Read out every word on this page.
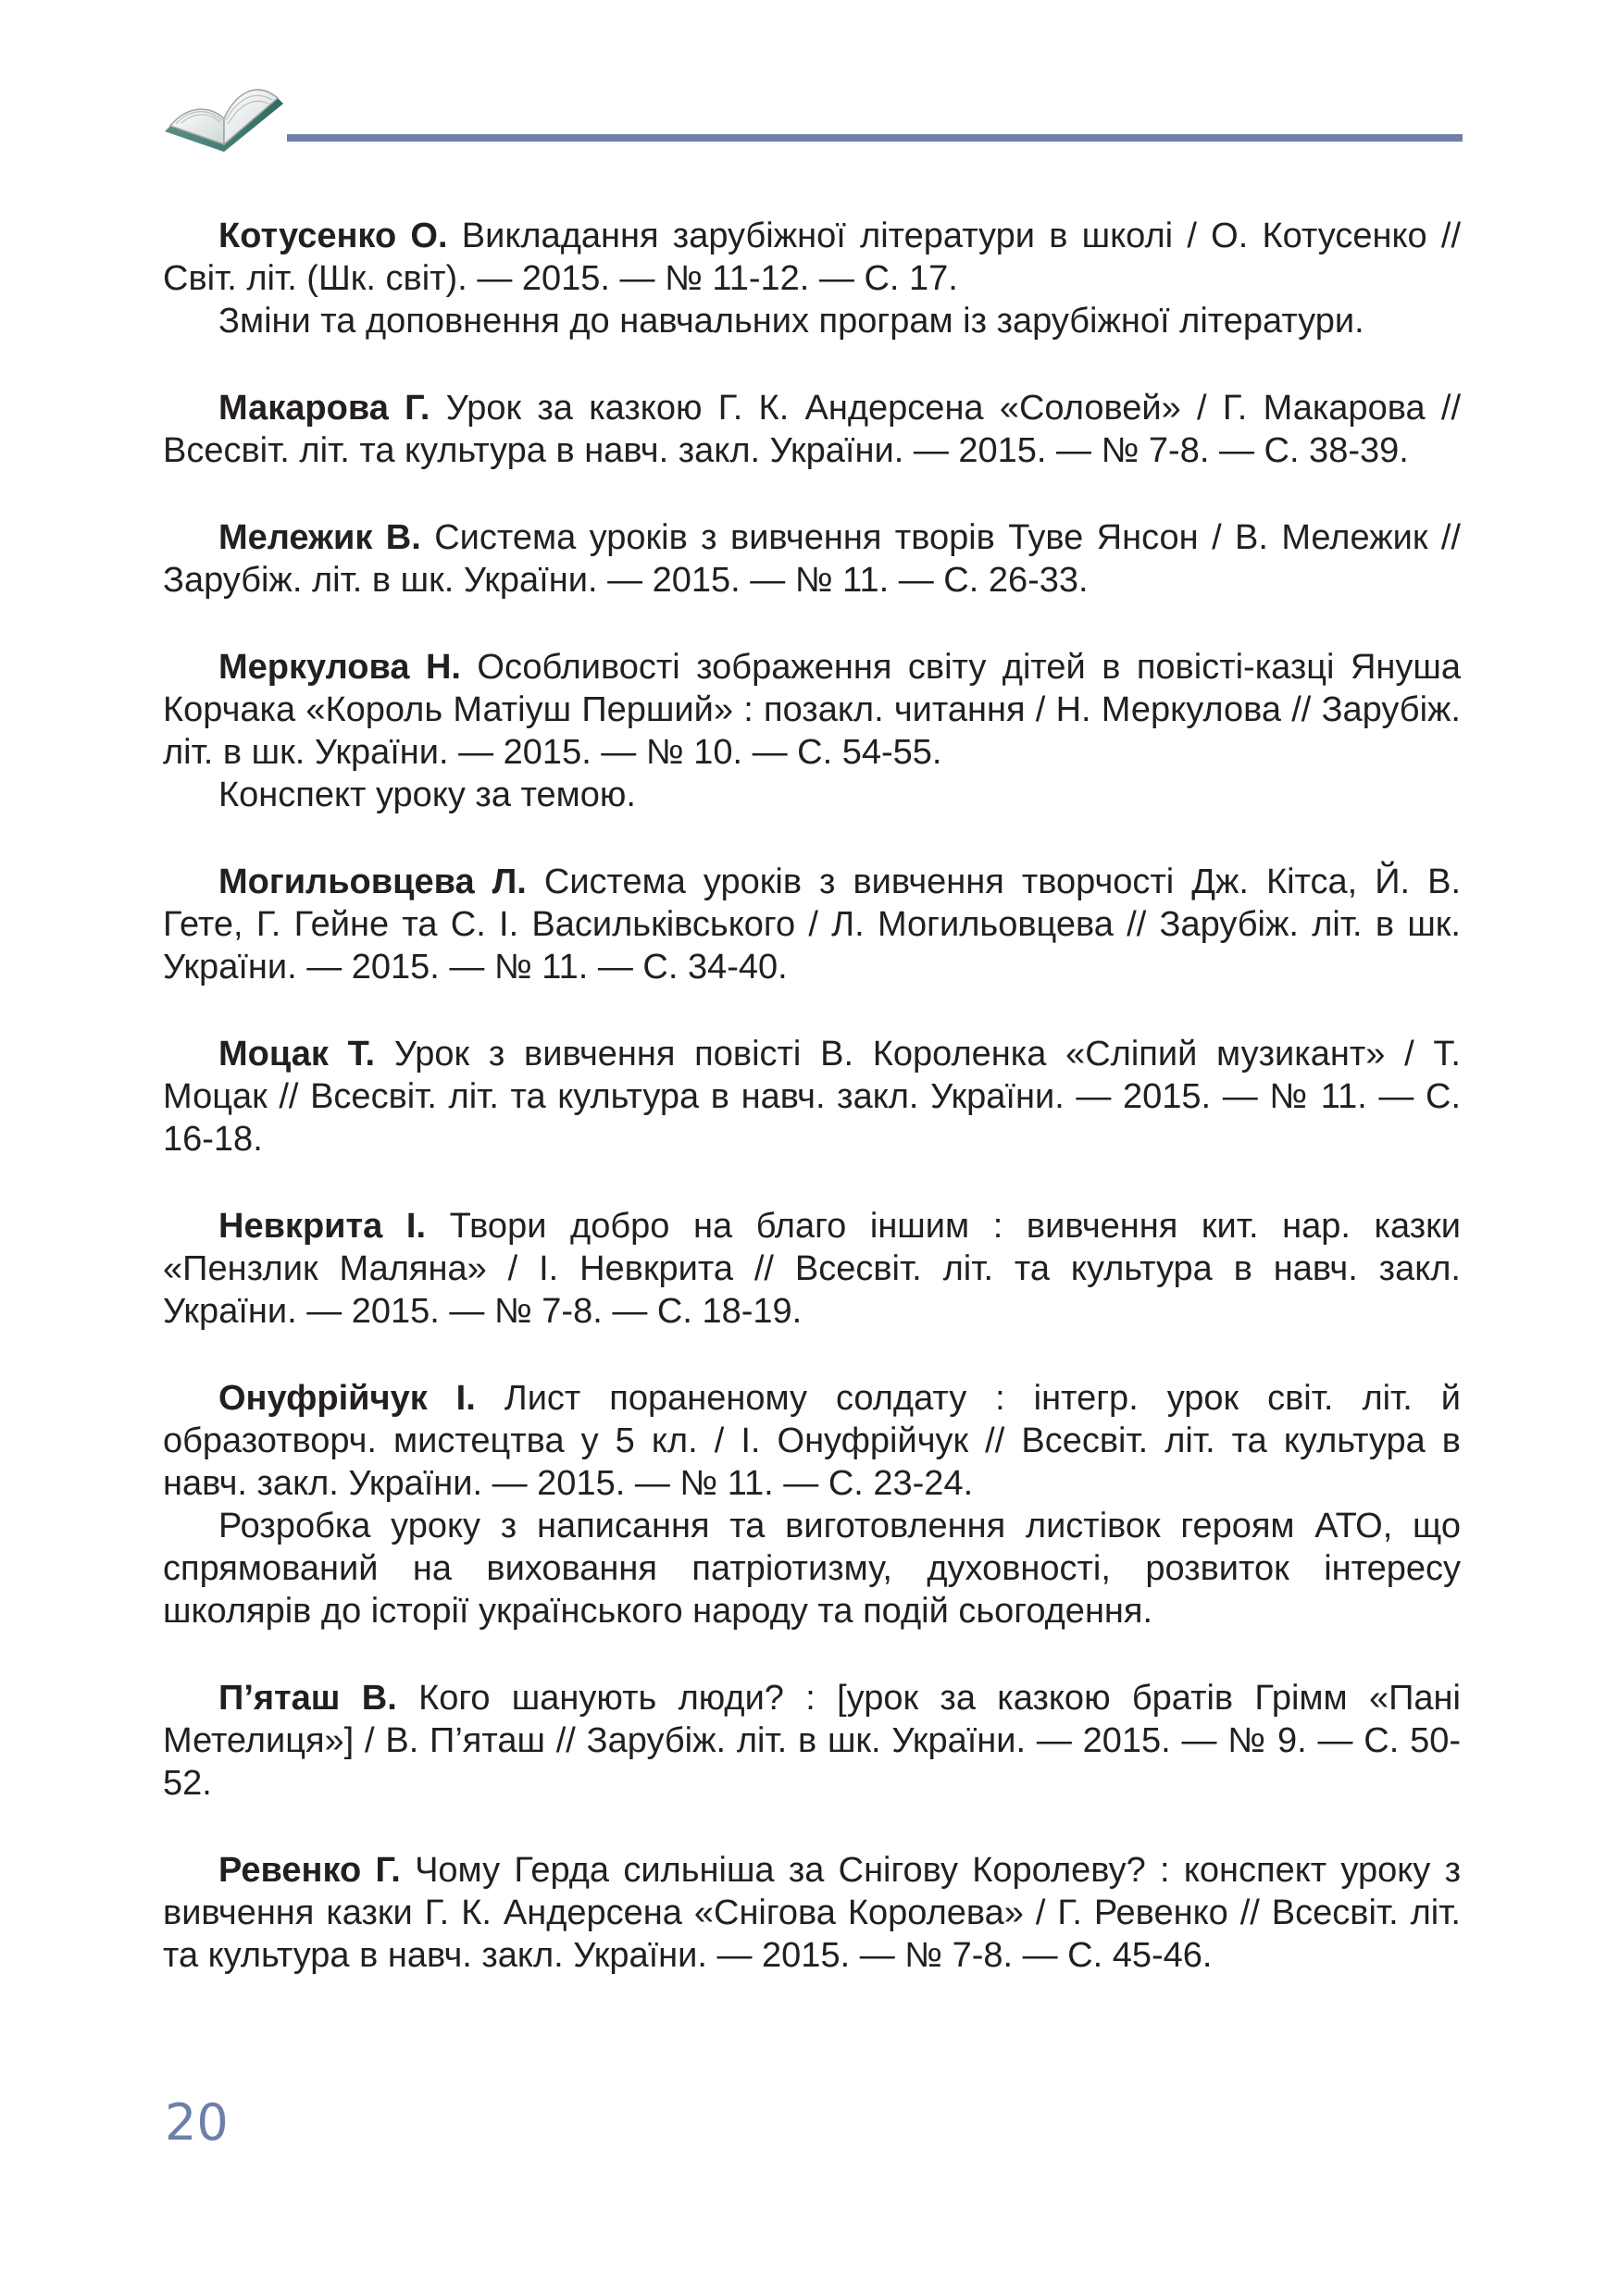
Котусенко О. Викладання зарубіжної літератури в школі / О. Котусенко // Світ. літ. (Шк. світ). — 2015. — № 11-12. — С. 17.

Зміни та доповнення до навчальних програм із зарубіжної літератури.

Макарова Г. Урок за казкою Г. К. Андерсена «Соловей» / Г. Макарова // Всесвіт. літ. та культура в навч. закл. України. — 2015. — № 7-8. — С. 38-39.

Мележик В. Система уроків з вивчення творів Туве Янсон / В. Мележик // Зарубіж. літ. в шк. України. — 2015. — № 11. — С. 26-33.

Меркулова Н. Особливості зображення світу дітей в повісті-казці Януша Корчака «Король Матіуш Перший» : позакл. читання / Н. Меркулова // Зарубіж. літ. в шк. України. — 2015. — № 10. — С. 54-55.

Конспект уроку за темою.

Могильовцева Л. Система уроків з вивчення творчості Дж. Кітса, Й. В. Гете, Г. Гейне та С. І. Васильківського / Л. Могильовцева // Зарубіж. літ. в шк. України. — 2015. — № 11. — С. 34-40.

Моцак Т. Урок з вивчення повісті В. Короленка «Сліпий музикант» / Т. Моцак // Всесвіт. літ. та культура в навч. закл. України. — 2015. — № 11. — С. 16-18.

Невкрита І. Твори добро на благо іншим : вивчення кит. нар. казки «Пензлик Маляна» / І. Невкрита // Всесвіт. літ. та культура в навч. закл. України. — 2015. — № 7-8. — С. 18-19.

Онуфрійчук І. Лист пораненому солдату : інтегр. урок світ. літ. й образотворч. мистецтва у 5 кл. / І. Онуфрійчук // Всесвіт. літ. та культура в навч. закл. України. — 2015. — № 11. — С. 23-24.

Розробка уроку з написання та виготовлення листівок героям АТО, що спрямований на виховання патріотизму, духовності, розвиток інтересу школярів до історії українського народу та подій сьогодення.

П’яташ В. Кого шанують люди? : [урок за казкою братів Грімм «Пані Метелиця»] / В. П’яташ // Зарубіж. літ. в шк. України. — 2015. — № 9. — С. 50-52.

Ревенко Г. Чому Герда сильніша за Снігову Королеву? : конспект уроку з вивчення казки Г. К. Андерсена «Снігова Королева» / Г. Ревенко // Всесвіт. літ. та культура в навч. закл. України. — 2015. — № 7-8. — С. 45-46.

20
